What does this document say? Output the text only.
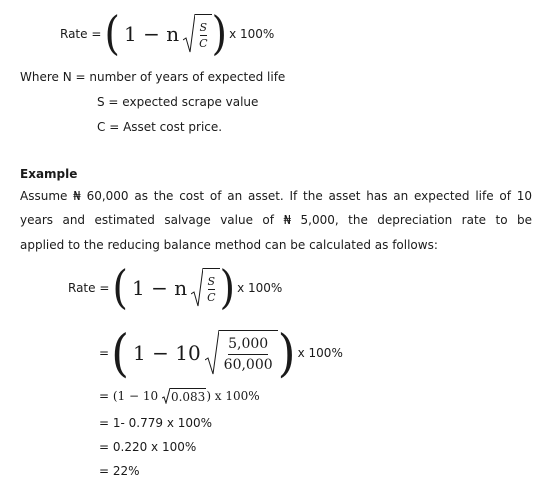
Rate = ( 1 − n $\frac{S}{C}$ ) x 100%
Where N = number of years of expected life
S = expected scrape value
C = Asset cost price.
Example
Assume ₦ 60,000 as the cost of an asset. If the asset has an expected life of 10
years and estimated salvage value of ₦ 5,000, the depreciation rate to be
applied to the reducing balance method can be calculated as follows:
Rate = ( 1 − n $\frac{S}{C}$ ) x 100%
= ( $1 - 10 \frac{5,000}{60,000}$ ) x 100%
= (1 − 10 0.083 ) x 100%
= 1- 0.779 x 100%
= 0.220 x 100%
= 22%
